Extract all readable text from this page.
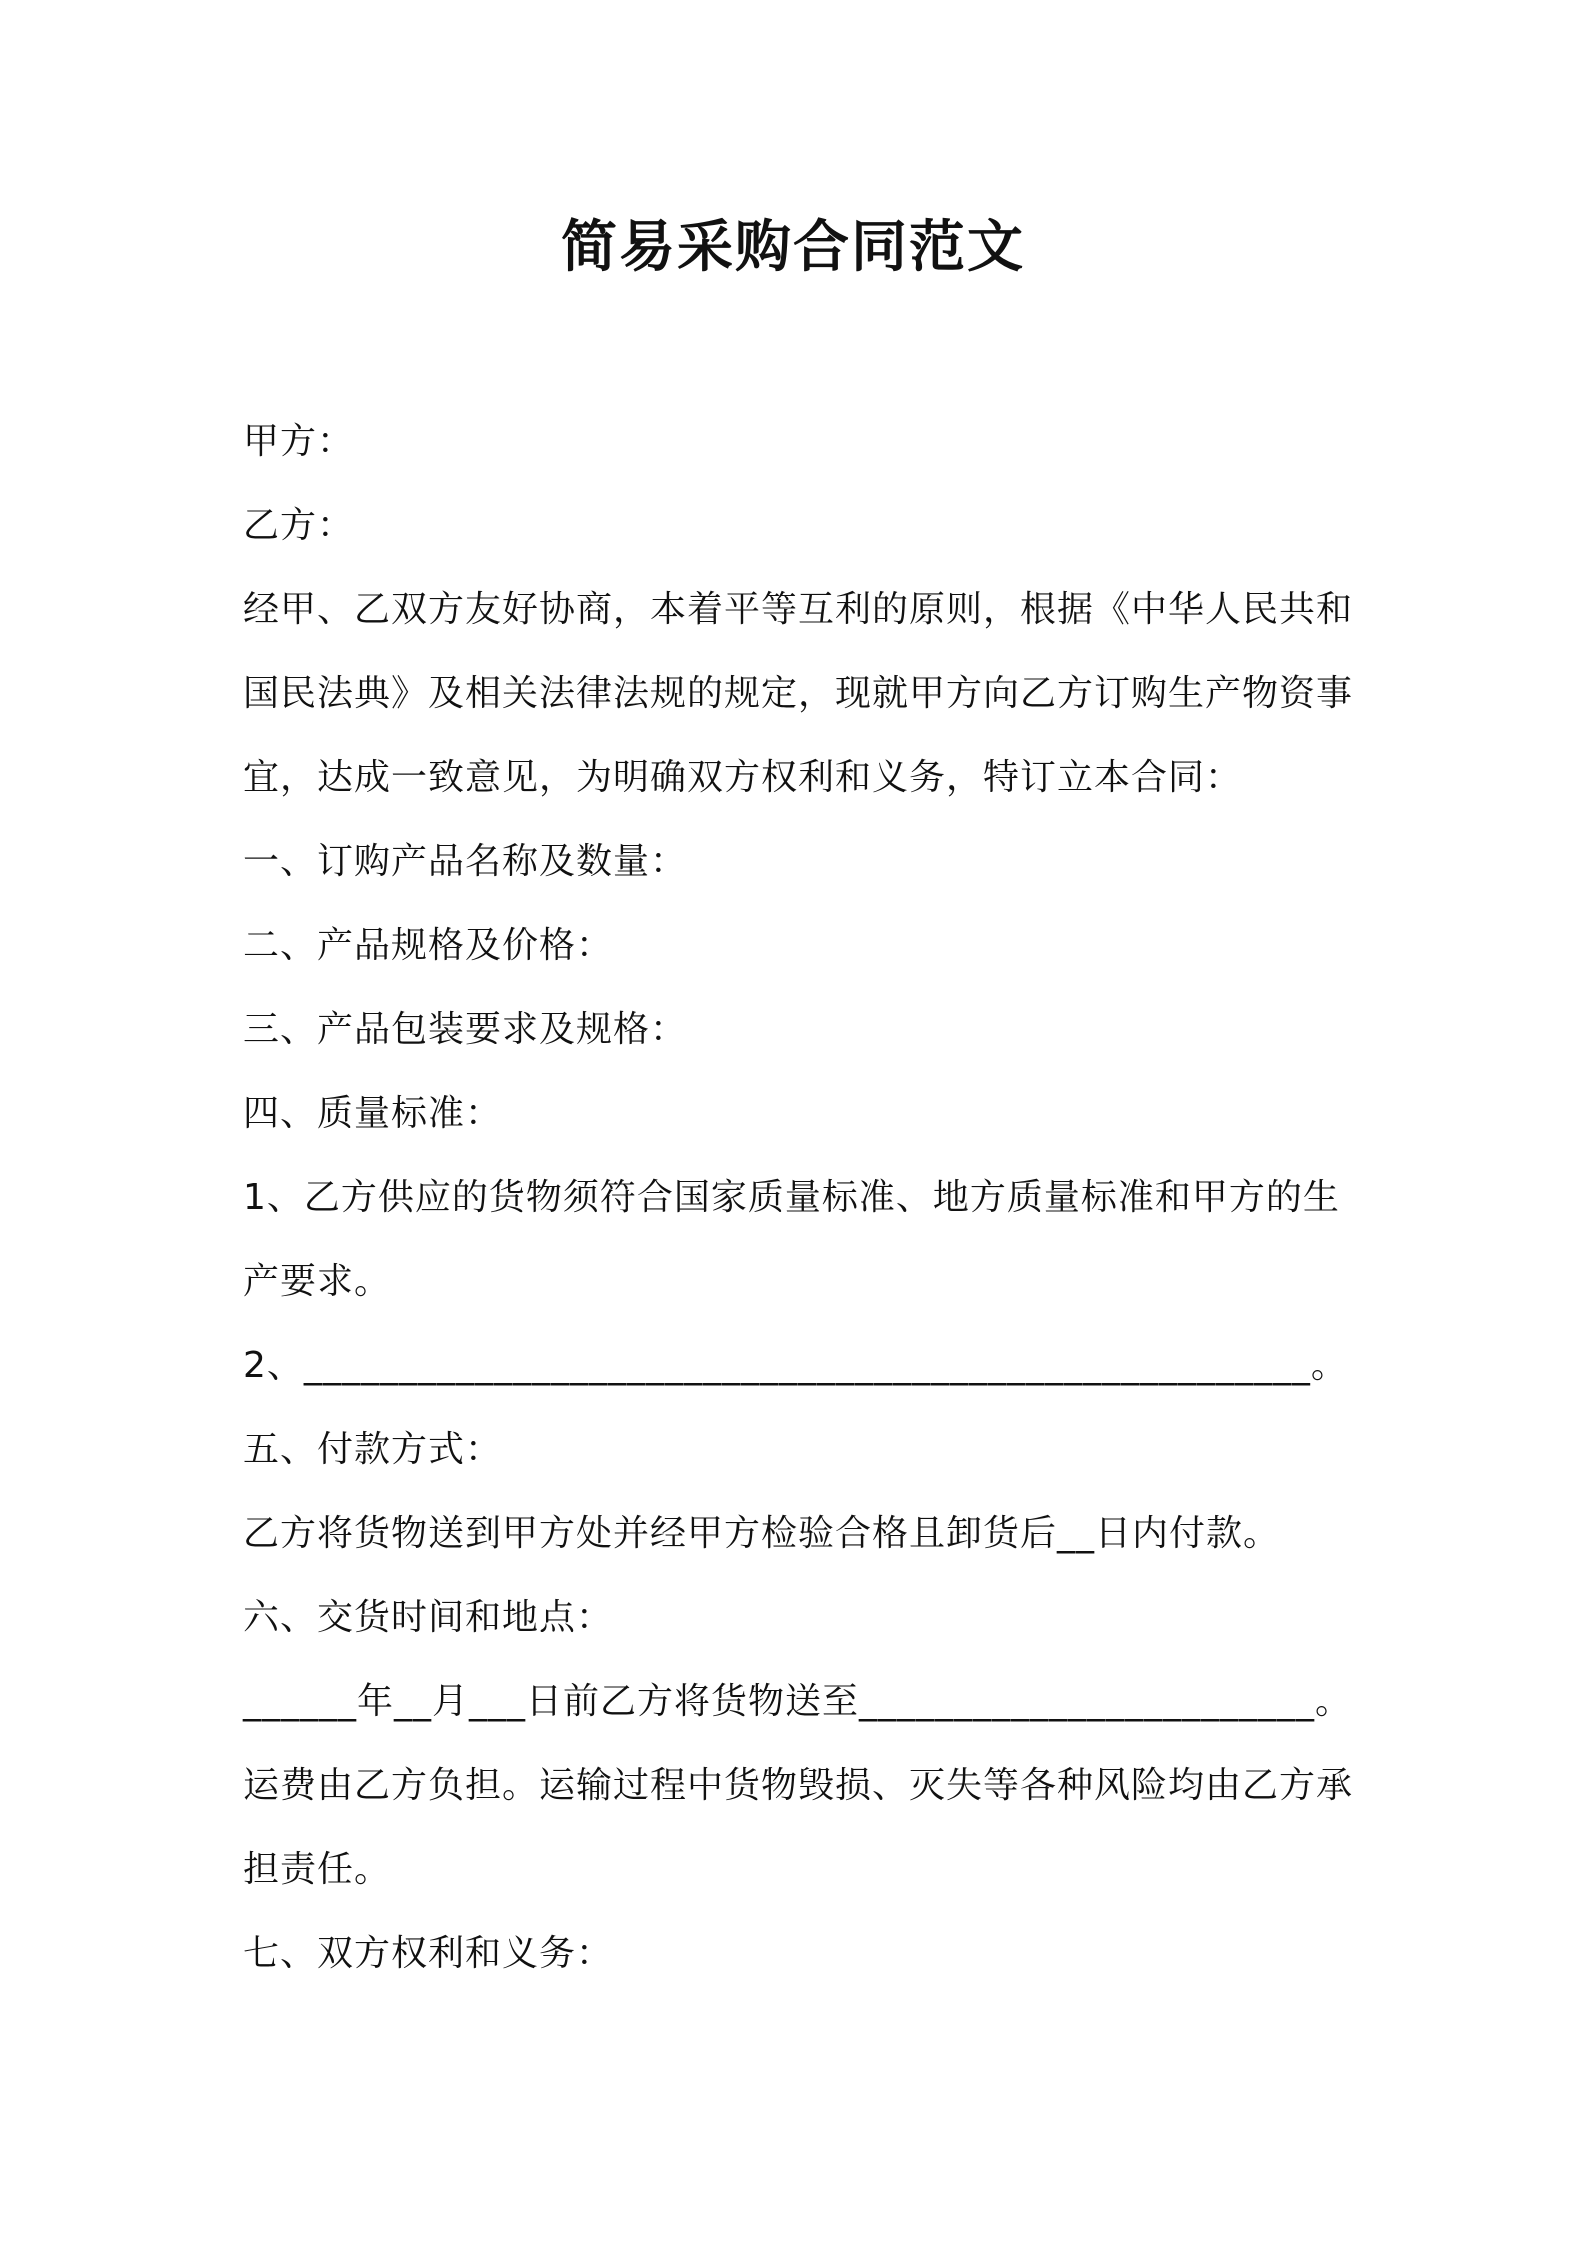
简易采购合同范文
甲方：
乙方：
经甲、乙双方友好协商，本着平等互利的原则，根据《中华人民共和
国民法典》及相关法律法规的规定，现就甲方向乙方订购生产物资事
宜，达成一致意见，为明确双方权利和义务，特订立本合同：
一、订购产品名称及数量：
二、产品规格及价格：
三、产品包装要求及规格：
四、质量标准：
1、乙方供应的货物须符合国家质量标准、地方质量标准和甲方的生
产要求。
2、_____________________________________________________。
五、付款方式：
乙方将货物送到甲方处并经甲方检验合格且卸货后__日内付款。
六、交货时间和地点：
______年__月___日前乙方将货物送至________________________。
运费由乙方负担。运输过程中货物毁损、灭失等各种风险均由乙方承
担责任。
七、双方权利和义务：
